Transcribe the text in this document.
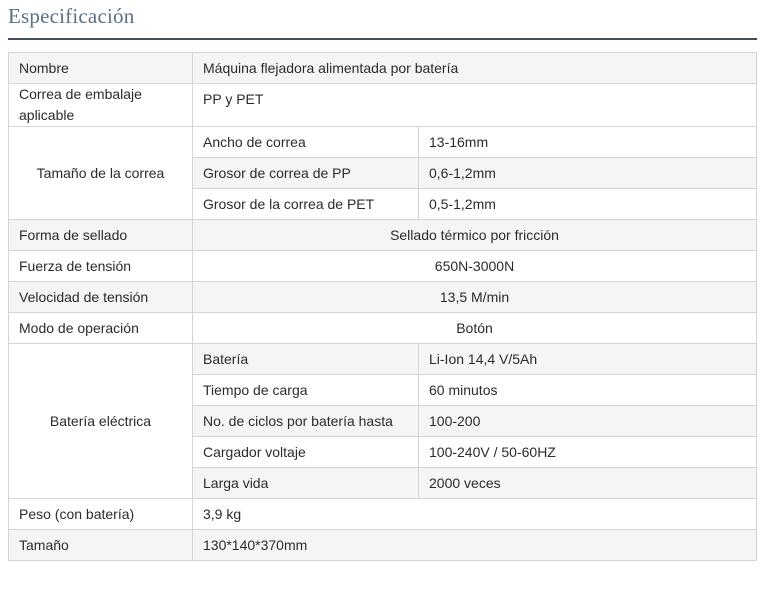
Especificación
Nombre	Máquina flejadora alimentada por batería	
Correa de embalaje aplicable	PP y PET	
Tamaño de la correa	Ancho de correa	13-16mm
	Grosor de correa de PP	0,6-1,2mm
	Grosor de la correa de PET	0,5-1,2mm
Forma de sellado	Sellado térmico por fricción	
Fuerza de tensión	650N-3000N	
Velocidad de tensión	13,5 M/min	
Modo de operación	Botón	
Batería eléctrica	Batería	Li-Ion 14,4 V/5Ah
	Tiempo de carga	60 minutos
	No. de ciclos por batería hasta	100-200
	Cargador voltaje	100-240V / 50-60HZ
	Larga vida	2000 veces
Peso (con batería)	3,9 kg	
Tamaño	130*140*370mm	
